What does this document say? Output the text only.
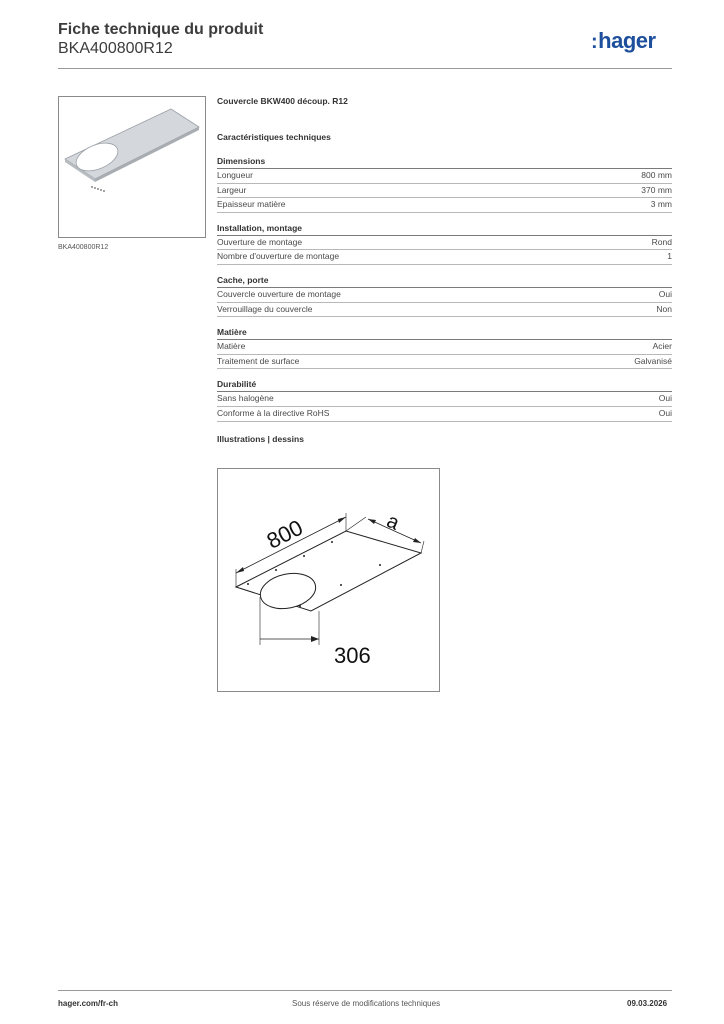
Fiche technique du produit
BKA400800R12	:hager
BKA400800R12
Couvercle BKW400 découp. R12
Caractéristiques techniques
Dimensions
Longueur	800 mm
Largeur	370 mm
Epaisseur matière	3 mm
Installation, montage
Ouverture de montage	Rond
Nombre d'ouverture de montage	1
Cache, porte
Couvercle ouverture de montage	Oui
Verrouillage du couvercle	Non
Matière
Matière	Acier
Traitement de surface	Galvanisé
Durabilité
Sans halogène	Oui
Conforme à la directive RoHS	Oui
Illustrations | dessins
800	a
306
hager.com/fr-ch	Sous réserve de modifications techniques	09.03.2026
